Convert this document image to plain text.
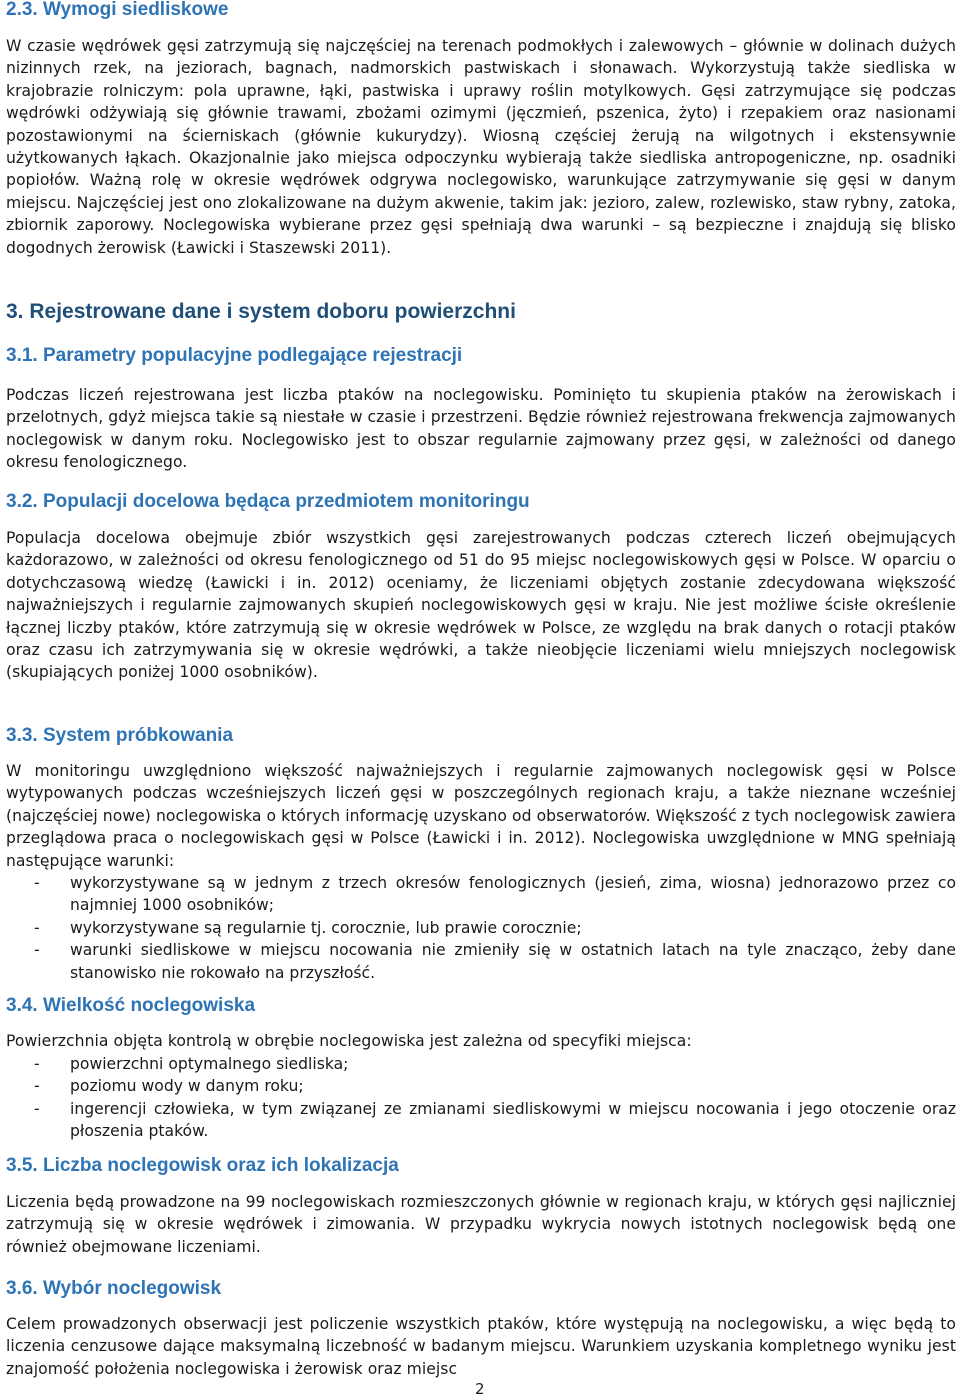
2.3. Wymogi siedliskowe

W czasie wędrówek gęsi zatrzymują się najczęściej na terenach podmokłych i zalewowych – głównie w dolinach dużych nizinnych rzek, na jeziorach, bagnach, nadmorskich pastwiskach i słonawach. Wykorzystują także siedliska w krajobrazie rolniczym: pola uprawne, łąki, pastwiska i uprawy roślin motylkowych. Gęsi zatrzymujące się podczas wędrówki odżywiają się głównie trawami, zbożami ozimymi (jęczmień, pszenica, żyto) i rzepakiem oraz nasionami pozostawionymi na ścierniskach (głównie kukurydzy). Wiosną częściej żerują na wilgotnych i ekstensywnie użytkowanych łąkach. Okazjonalnie jako miejsca odpoczynku wybierają także siedliska antropogeniczne, np. osadniki popiołów. Ważną rolę w okresie wędrówek odgrywa noclegowisko, warunkujące zatrzymywanie się gęsi w danym miejscu. Najczęściej jest ono zlokalizowane na dużym akwenie, takim jak: jezioro, zalew, rozlewisko, staw rybny, zatoka, zbiornik zaporowy. Noclegowiska wybierane przez gęsi spełniają dwa warunki – są bezpieczne i znajdują się blisko dogodnych żerowisk (Ławicki i Staszewski 2011).

3. Rejestrowane dane i system doboru powierzchni
3.1. Parametry populacyjne podlegające rejestracji

Podczas liczeń rejestrowana jest liczba ptaków na noclegowisku. Pominięto tu skupienia ptaków na żerowiskach i przelotnych, gdyż miejsca takie są niestałe w czasie i przestrzeni. Będzie również rejestrowana frekwencja zajmowanych noclegowisk w danym roku. Noclegowisko jest to obszar regularnie zajmowany przez gęsi, w zależności od danego okresu fenologicznego.

3.2. Populacji docelowa będąca przedmiotem monitoringu

Populacja docelowa obejmuje zbiór wszystkich gęsi zarejestrowanych podczas czterech liczeń obejmujących każdorazowo, w zależności od okresu fenologicznego od 51 do 95 miejsc noclegowiskowych gęsi w Polsce. W oparciu o dotychczasową wiedzę (Ławicki i in. 2012) oceniamy, że liczeniami objętych zostanie zdecydowana większość najważniejszych i regularnie zajmowanych skupień noclegowiskowych gęsi w kraju. Nie jest możliwe ścisłe określenie łącznej liczby ptaków, które zatrzymują się w okresie wędrówek w Polsce, ze względu na brak danych o rotacji ptaków oraz czasu ich zatrzymywania się w okresie wędrówki, a także nieobjęcie liczeniami wielu mniejszych noclegowisk (skupiających poniżej 1000 osobników).

3.3. System próbkowania

W monitoringu uwzględniono większość najważniejszych i regularnie zajmowanych noclegowisk gęsi w Polsce wytypowanych podczas wcześniejszych liczeń gęsi w poszczególnych regionach kraju, a także nieznane wcześniej (najczęściej nowe) noclegowiska o których informację uzyskano od obserwatorów. Większość z tych noclegowisk zawiera przeglądowa praca o noclegowiskach gęsi w Polsce (Ławicki i in. 2012). Noclegowiska uwzględnione w MNG spełniają następujące warunki:

- wykorzystywane są w jednym z trzech okresów fenologicznych (jesień, zima, wiosna) jednorazowo przez co najmniej 1000 osobników;
- wykorzystywane są regularnie tj. corocznie, lub prawie corocznie;
- warunki siedliskowe w miejscu nocowania nie zmieniły się w ostatnich latach na tyle znacząco, żeby dane stanowisko nie rokowało na przyszłość.
3.4. Wielkość noclegowiska

Powierzchnia objęta kontrolą w obrębie noclegowiska jest zależna od specyfiki miejsca:

- powierzchni optymalnego siedliska;
- poziomu wody w danym roku;
- ingerencji człowieka, w tym związanej ze zmianami siedliskowymi w miejscu nocowania i jego otoczenie oraz płoszenia ptaków.
3.5. Liczba noclegowisk oraz ich lokalizacja

Liczenia będą prowadzone na 99 noclegowiskach rozmieszczonych głównie w regionach kraju, w których gęsi najliczniej zatrzymują się w okresie wędrówek i zimowania. W przypadku wykrycia nowych istotnych noclegowisk będą one również obejmowane liczeniami.

3.6. Wybór noclegowisk

Celem prowadzonych obserwacji jest policzenie wszystkich ptaków, które występują na noclegowisku, a więc będą to liczenia cenzusowe dające maksymalną liczebność w badanym miejscu. Warunkiem uzyskania kompletnego wyniku jest znajomość położenia noclegowiska i żerowisk oraz miejsc

2
